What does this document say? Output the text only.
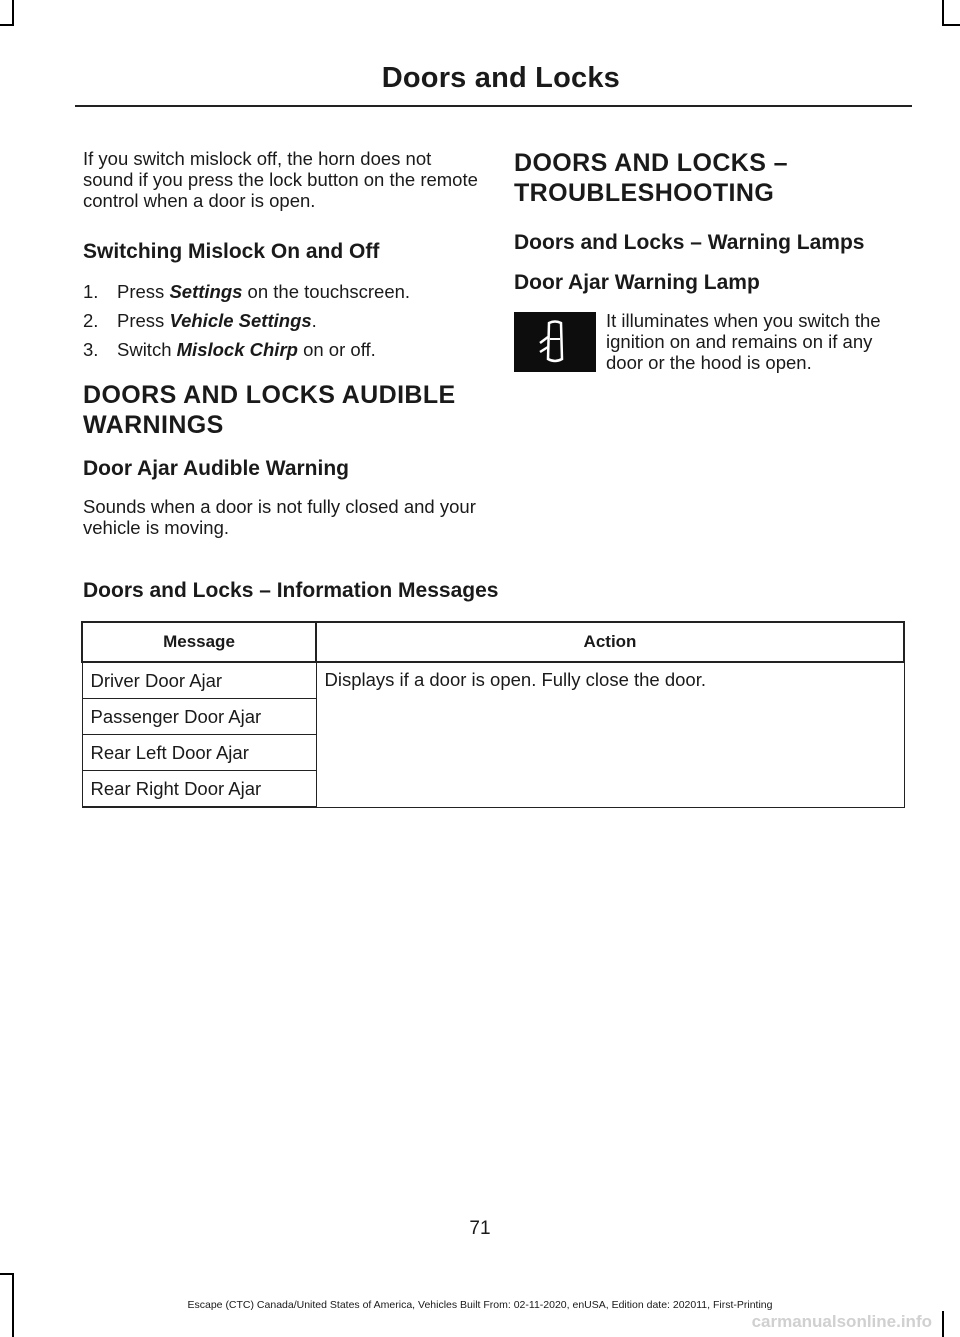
Doors and Locks

If you switch mislock off, the horn does not sound if you press the lock button on the remote control when a door is open.

Switching Mislock On and Off
1.	Press Settings on the touchscreen.
2.	Press Vehicle Settings.
3.	Switch Mislock Chirp on or off.
DOORS AND LOCKS AUDIBLE
WARNINGS
Door Ajar Audible Warning

Sounds when a door is not fully closed and your vehicle is moving.

DOORS AND LOCKS –
TROUBLESHOOTING
Doors and Locks – Warning Lamps
Door Ajar Warning Lamp

It illuminates when you switch the ignition on and remains on if any door or the hood is open.

Doors and Locks – Information Messages
Message	Action
Driver Door Ajar	Displays if a door is open. Fully close the door.
Passenger Door Ajar	
Rear Left Door Ajar	
Rear Right Door Ajar	
71
Escape (CTC) Canada/United States of America, Vehicles Built From: 02-11-2020, enUSA, Edition date: 202011, First-Printing
carmanualsonline.info
